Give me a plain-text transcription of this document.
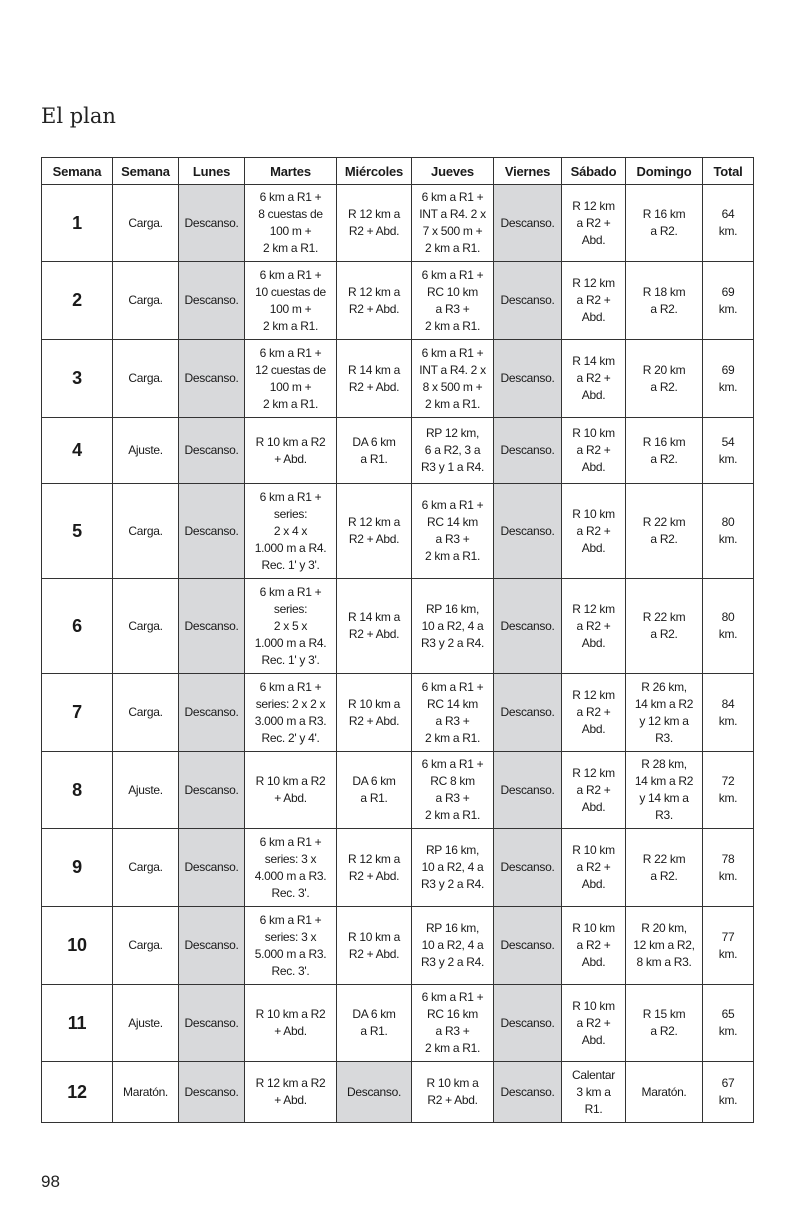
El plan
Semana	Semana	Lunes	Martes	Miércoles	Jueves	Viernes	Sábado	Domingo	Total
1	Carga.	Descanso.	6 km a R1 +
8 cuestas de
100 m +
2 km a R1.	R 12 km a
R2 + Abd.	6 km a R1 +
INT a R4. 2 x
7 x 500 m +
2 km a R1.	Descanso.	R 12 km
a R2 +
Abd.	R 16 km
a R2.	64
km.
2	Carga.	Descanso.	6 km a R1 +
10 cuestas de
100 m +
2 km a R1.	R 12 km a
R2 + Abd.	6 km a R1 +
RC 10 km
a R3 +
2 km a R1.	Descanso.	R 12 km
a R2 +
Abd.	R 18 km
a R2.	69
km.
3	Carga.	Descanso.	6 km a R1 +
12 cuestas de
100 m +
2 km a R1.	R 14 km a
R2 + Abd.	6 km a R1 +
INT a R4. 2 x
8 x 500 m +
2 km a R1.	Descanso.	R 14 km
a R2 +
Abd.	R 20 km
a R2.	69
km.
4	Ajuste.	Descanso.	R 10 km a R2
+ Abd.	DA 6 km
a R1.	RP 12 km,
6 a R2, 3 a
R3 y 1 a R4.	Descanso.	R 10 km
a R2 +
Abd.	R 16 km
a R2.	54
km.
5	Carga.	Descanso.	6 km a R1 +
series:
2 x 4 x
1.000 m a R4.
Rec. 1' y 3'.	R 12 km a
R2 + Abd.	6 km a R1 +
RC 14 km
a R3 +
2 km a R1.	Descanso.	R 10 km
a R2 +
Abd.	R 22 km
a R2.	80
km.
6	Carga.	Descanso.	6 km a R1 +
series:
2 x 5 x
1.000 m a R4.
Rec. 1' y 3'.	R 14 km a
R2 + Abd.	RP 16 km,
10 a R2, 4 a
R3 y 2 a R4.	Descanso.	R 12 km
a R2 +
Abd.	R 22 km
a R2.	80
km.
7	Carga.	Descanso.	6 km a R1 +
series: 2 x 2 x
3.000 m a R3.
Rec. 2' y 4'.	R 10 km a
R2 + Abd.	6 km a R1 +
RC 14 km
a R3 +
2 km a R1.	Descanso.	R 12 km
a R2 +
Abd.	R 26 km,
14 km a R2
y 12 km a
R3.	84
km.
8	Ajuste.	Descanso.	R 10 km a R2
+ Abd.	DA 6 km
a R1.	6 km a R1 +
RC 8 km
a R3 +
2 km a R1.	Descanso.	R 12 km
a R2 +
Abd.	R 28 km,
14 km a R2
y 14 km a
R3.	72
km.
9	Carga.	Descanso.	6 km a R1 +
series: 3 x
4.000 m a R3.
Rec. 3'.	R 12 km a
R2 + Abd.	RP 16 km,
10 a R2, 4 a
R3 y 2 a R4.	Descanso.	R 10 km
a R2 +
Abd.	R 22 km
a R2.	78
km.
10	Carga.	Descanso.	6 km a R1 +
series: 3 x
5.000 m a R3.
Rec. 3'.	R 10 km a
R2 + Abd.	RP 16 km,
10 a R2, 4 a
R3 y 2 a R4.	Descanso.	R 10 km
a R2 +
Abd.	R 20 km,
12 km a R2,
8 km a R3.	77
km.
11	Ajuste.	Descanso.	R 10 km a R2
+ Abd.	DA 6 km
a R1.	6 km a R1 +
RC 16 km
a R3 +
2 km a R1.	Descanso.	R 10 km
a R2 +
Abd.	R 15 km
a R2.	65
km.
12	Maratón.	Descanso.	R 12 km a R2
+ Abd.	Descanso.	R 10 km a
R2 + Abd.	Descanso.	Calentar
3 km a
R1.	Maratón.	67
km.
98
